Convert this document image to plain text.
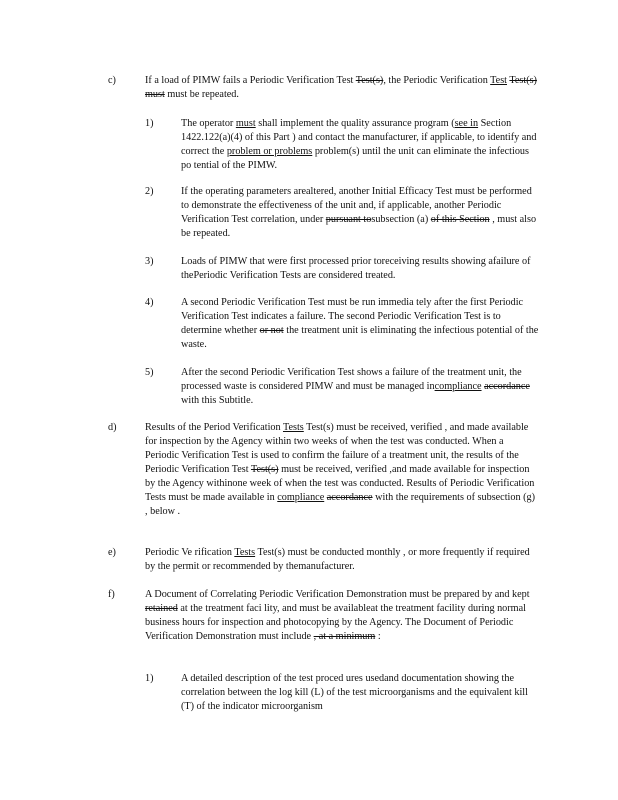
c)	If a load of PIMW fails a Periodic Verification Test Test(s), the Periodic Verification Test Test(s) must must be repeated.

1)	The operator must shall implement the quality assurance program (see in Section 1422.122(a)(4) of this Part ) and contact the manufacturer, if applicable, to identify and correct the problem or problems problem(s) until the unit can eliminate the infectious po tential of the PIMW.

2)	If the operating parameters arealtered, another Initial Efficacy Test must be performed to demonstrate the effectiveness of the unit and, if applicable, another Periodic Verification Test correlation, under pursuant tosubsection (a) of this Section , must also be repeated.

3)	Loads of PIMW that were first processed prior toreceiving results showing afailure of thePeriodic Verification Tests are considered treated.

4)	A second Periodic Verification Test must be run immedia tely after the first Periodic Verification Test indicates a failure. The second Periodic Verification Test is to determine whether or not the treatment unit is eliminating the infectious potential of the waste.

5)	After the second Periodic Verification Test shows a failure of the treatment unit, the processed waste is considered PIMW and must be managed incompliance accordance with this Subtitle.

d)	Results of the Period Verification Tests Test(s) must be received, verified , and made available for inspection by the Agency within two weeks of when the test was conducted. When a Periodic Verification Test is used to confirm the failure of a treatment unit, the results of the Periodic Verification Test Test(s) must be received, verified ,and made available for inspection by the Agency withinone week of when the test was conducted. Results of Periodic Verification Tests must be made available in compliance accordance with the requirements of subsection (g) , below .

e)	Periodic Ve rification Tests Test(s) must be conducted monthly , or more frequently if required by the permit or recommended by themanufacturer.

f)	A Document of Correlating Periodic Verification Demonstration must be prepared by and kept retained at the treatment faci lity, and must be availableat the treatment facility during normal business hours for inspection and photocopying by the Agency. The Document of Periodic Verification Demonstration must include , at a minimum :

1)	A detailed description of the test proced ures usedand documentation showing the correlation between the log kill (L) of the test microorganisms and the equivalent kill (T) of the indicator microorganism
